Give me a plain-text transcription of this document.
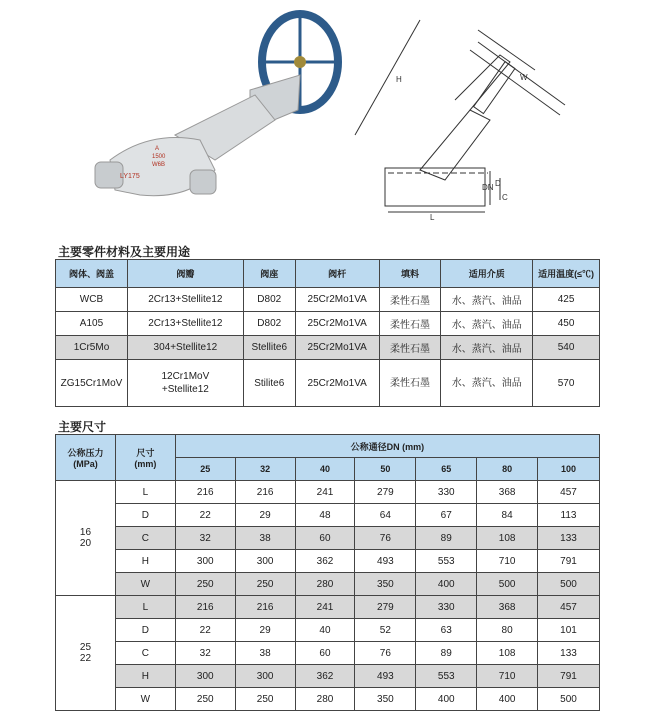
LY175
A
1500
W6B
H	W
DN D
L
C
主要零件材料及主要用途
阀体、阀盖	阀瓣	阀座	阀杆	填料	适用介质	适用温度(≤℃)
WCB	2Cr13+Stellite12	D802	25Cr2Mo1VA	柔性石墨	水、蒸汽、油品	425
A105	2Cr13+Stellite12	D802	25Cr2Mo1VA	柔性石墨	水、蒸汽、油品	450
1Cr5Mo	304+Stellite12	Stellite6	25Cr2Mo1VA	柔性石墨	水、蒸汽、油品	540
ZG15Cr1MoV	12Cr1MoV
+Stellite12	Stilite6	25Cr2Mo1VA	柔性石墨	水、蒸汽、油品	570
主要尺寸
公称压力
(MPa)	尺寸
(mm)	公称通径DN (mm)						
		25	32	40	50	65	80	100
16
20	L	216	216	241	279	330	368	457
	D	22	29	48	64	67	84	113
	C	32	38	60	76	89	108	133
	H	300	300	362	493	553	710	791
	W	250	250	280	350	400	500	500
25
22	L	216	216	241	279	330	368	457
	D	22	29	40	52	63	80	101
	C	32	38	60	76	89	108	133
	H	300	300	362	493	553	710	791
	W	250	250	280	350	400	400	500
